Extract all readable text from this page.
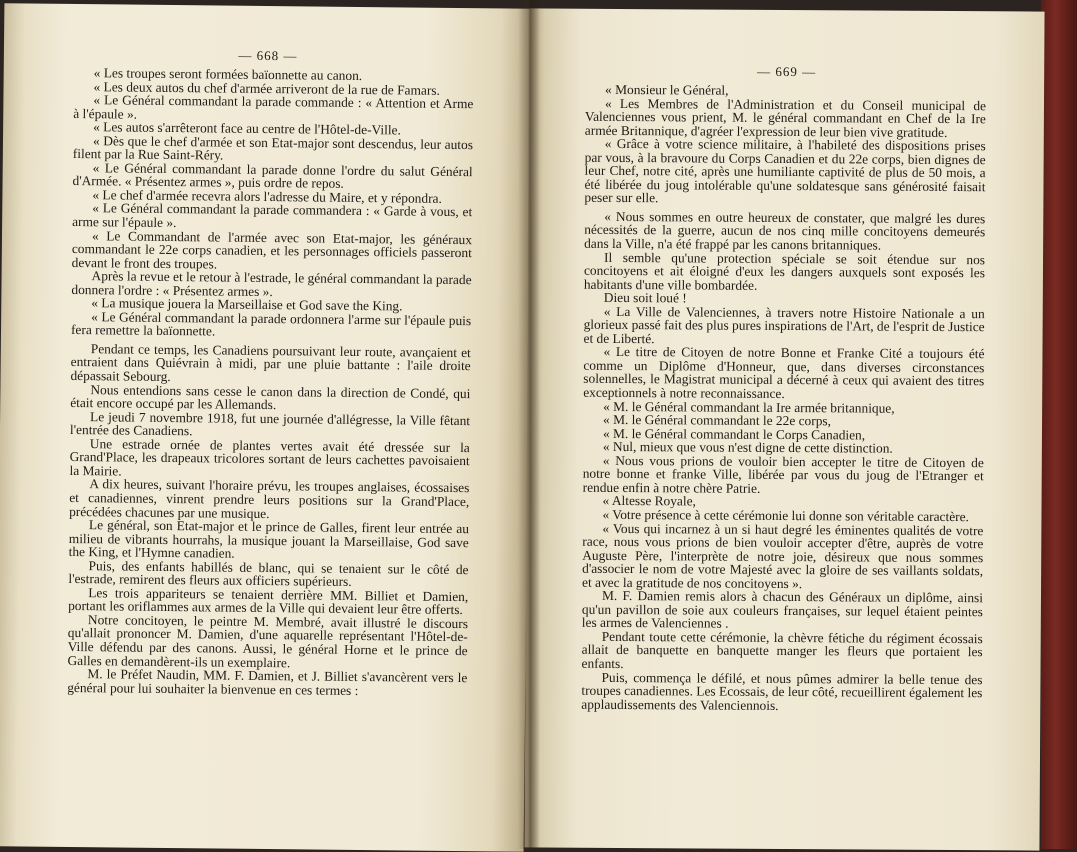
— 668 —

« Les troupes seront formées baïonnette au canon.

« Les deux autos du chef d'armée arriveront de la rue de Famars.

« Le Général commandant la parade commande : « Attention et Arme à l'épaule ».

« Les autos s'arrêteront face au centre de l'Hôtel-de-Ville.

« Dès que le chef d'armée et son Etat-major sont descendus, leur autos filent par la Rue Saint-Réry.

« Le Général commandant la parade donne l'ordre du salut Général d'Armée. « Présentez armes », puis ordre de repos.

« Le chef d'armée recevra alors l'adresse du Maire, et y répondra.

« Le Général commandant la parade commandera : « Garde à vous, et arme sur l'épaule ».

« Le Commandant de l'armée avec son Etat-major, les généraux commandant le 22e corps canadien, et les personnages officiels passeront devant le front des troupes.

Après la revue et le retour à l'estrade, le général commandant la parade donnera l'ordre : « Présentez armes ».

« La musique jouera la Marseillaise et God save the King.

« Le Général commandant la parade ordonnera l'arme sur l'épaule puis fera remettre la baïonnette.

Pendant ce temps, les Canadiens poursuivant leur route, avançaient et entraient dans Quiévrain à midi, par une pluie battante : l'aile droite dépassait Sebourg.

Nous entendions sans cesse le canon dans la direction de Condé, qui était encore occupé par les Allemands.

Le jeudi 7 novembre 1918, fut une journée d'allégresse, la Ville fêtant l'entrée des Canadiens.

Une estrade ornée de plantes vertes avait été dressée sur la Grand'Place, les drapeaux tricolores sortant de leurs cachettes pavoisaient la Mairie.

A dix heures, suivant l'horaire prévu, les troupes anglaises, écossaises et canadiennes, vinrent prendre leurs positions sur la Grand'Place, précédées chacunes par une musique.

Le général, son Etat-major et le prince de Galles, firent leur entrée au milieu de vibrants hourrahs, la musique jouant la Marseillaise, God save the King, et l'Hymne canadien.

Puis, des enfants habillés de blanc, qui se tenaient sur le côté de l'estrade, remirent des fleurs aux officiers supérieurs.

Les trois appariteurs se tenaient derrière MM. Billiet et Damien, portant les oriflammes aux armes de la Ville qui devaient leur être offerts.

Notre concitoyen, le peintre M. Membré, avait illustré le discours qu'allait prononcer M. Damien, d'une aquarelle représentant l'Hôtel-de-Ville défendu par des canons. Aussi, le général Horne et le prince de Galles en demandèrent-ils un exemplaire.

M. le Préfet Naudin, MM. F. Damien, et J. Billiet s'avancèrent vers le général pour lui souhaiter la bienvenue en ces termes :

— 669 —

« Monsieur le Général,

« Les Membres de l'Administration et du Conseil municipal de Valenciennes vous prient, M. le général commandant en Chef de la Ire armée Britannique, d'agréer l'expression de leur bien vive gratitude.

« Grâce à votre science militaire, à l'habileté des dispositions prises par vous, à la bravoure du Corps Canadien et du 22e corps, bien dignes de leur Chef, notre cité, après une humiliante captivité de plus de 50 mois, a été libérée du joug intolérable qu'une soldatesque sans générosité faisait peser sur elle.

« Nous sommes en outre heureux de constater, que malgré les dures nécessités de la guerre, aucun de nos cinq mille concitoyens demeurés dans la Ville, n'a été frappé par les canons britanniques.

Il semble qu'une protection spéciale se soit étendue sur nos concitoyens et ait éloigné d'eux les dangers auxquels sont exposés les habitants d'une ville bombardée.

Dieu soit loué !

« La Ville de Valenciennes, à travers notre Histoire Nationale a un glorieux passé fait des plus pures inspirations de l'Art, de l'esprit de Justice et de Liberté.

« Le titre de Citoyen de notre Bonne et Franke Cité a toujours été comme un Diplôme d'Honneur, que, dans diverses circonstances solennelles, le Magistrat municipal a décerné à ceux qui avaient des titres exceptionnels à notre reconnaissance.

« M. le Général commandant la Ire armée britannique,

« M. le Général commandant le 22e corps,

« M. le Général commandant le Corps Canadien,

« Nul, mieux que vous n'est digne de cette distinction.

« Nous vous prions de vouloir bien accepter le titre de Citoyen de notre bonne et franke Ville, libérée par vous du joug de l'Etranger et rendue enfin à notre chère Patrie.

« Altesse Royale,

« Votre présence à cette cérémonie lui donne son véritable caractère.

« Vous qui incarnez à un si haut degré les éminentes qualités de votre race, nous vous prions de bien vouloir accepter d'être, auprès de votre Auguste Père, l'interprète de notre joie, désireux que nous sommes d'associer le nom de votre Majesté avec la gloire de ses vaillants soldats, et avec la gratitude de nos concitoyens ».

M. F. Damien remis alors à chacun des Généraux un diplôme, ainsi qu'un pavillon de soie aux couleurs françaises, sur lequel étaient peintes les armes de Valenciennes .

Pendant toute cette cérémonie, la chèvre fétiche du régiment écossais allait de banquette en banquette manger les fleurs que portaient les enfants.

Puis, commença le défilé, et nous pûmes admirer la belle tenue des troupes canadiennes. Les Ecossais, de leur côté, recueillirent également les applaudissements des Valenciennois.
